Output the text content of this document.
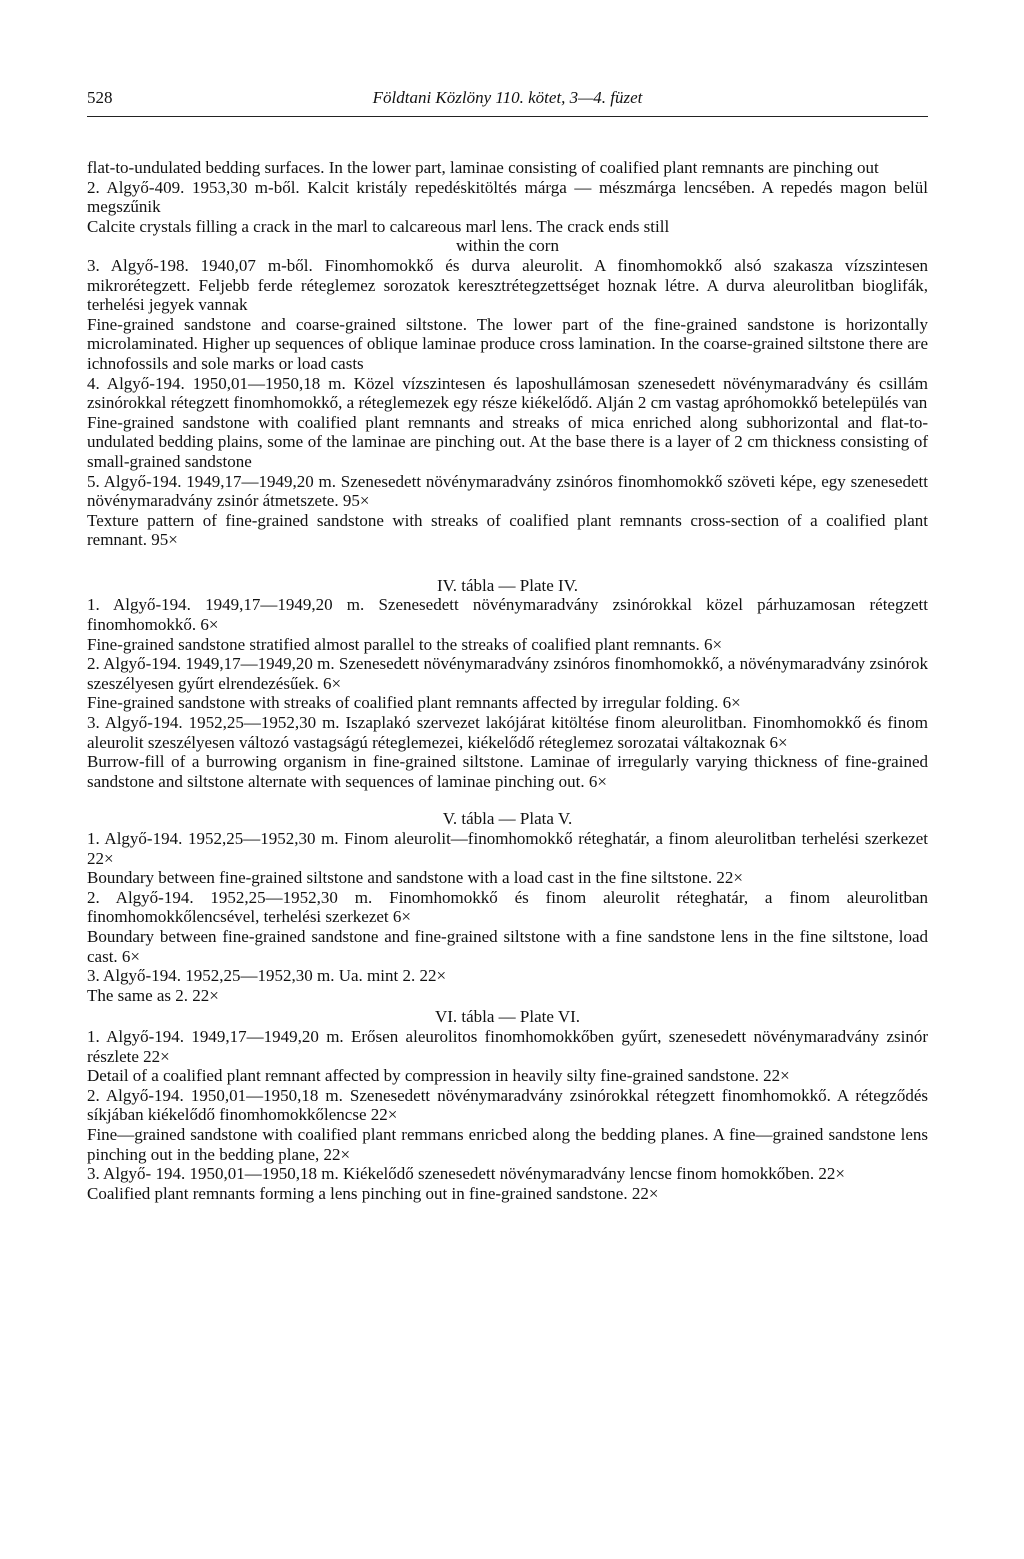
528	Földtani Közlöny 110. kötet, 3—4. füzet

flat-to-undulated bedding surfaces. In the lower part, laminae consisting of coalified plant remnants are pinching out

2. Algyő-409. 1953,30 m-ből. Kalcit kristály repedéskitöltés márga — mészmárga lencsében. A repedés magon belül megszűnik

Calcite crystals filling a crack in the marl to calcareous marl lens. The crack ends still

within the corn

3. Algyő-198. 1940,07 m-ből. Finomhomokkő és durva aleurolit. A finomhomokkő alsó szakasza vízszintesen mikrorétegzett. Feljebb ferde réteglemez sorozatok keresztrétegzettséget hoznak létre. A durva aleurolitban bioglifák, terhelési jegyek vannak

Fine-grained sandstone and coarse-grained siltstone. The lower part of the fine-grained sandstone is horizontally microlaminated. Higher up sequences of oblique laminae produce cross lamination. In the coarse-grained siltstone there are ichnofossils and sole marks or load casts

4. Algyő-194. 1950,01—1950,18 m. Közel vízszintesen és laposhullámosan szenesedett növénymaradvány és csillám zsinórokkal rétegzett finomhomokkő, a réteglemezek egy része kiékelődő. Alján 2 cm vastag apróhomokkő betelepülés van

Fine-grained sandstone with coalified plant remnants and streaks of mica enriched along subhorizontal and flat-to-undulated bedding plains, some of the laminae are pinching out. At the base there is a layer of 2 cm thickness consisting of small-grained sandstone

5. Algyő-194. 1949,17—1949,20 m. Szenesedett növénymaradvány zsinóros finomhomokkő szöveti képe, egy szenesedett növénymaradvány zsinór átmetszete. 95×

Texture pattern of fine-grained sandstone with streaks of coalified plant remnants cross-section of a coalified plant remnant. 95×

IV. tábla — Plate IV.

1. Algyő-194. 1949,17—1949,20 m. Szenesedett növénymaradvány zsinórokkal közel párhuzamosan rétegzett finomhomokkő. 6×

Fine-grained sandstone stratified almost parallel to the streaks of coalified plant remnants. 6×

2. Algyő-194. 1949,17—1949,20 m. Szenesedett növénymaradvány zsinóros finomhomokkő, a növénymaradvány zsinórok szeszélyesen gyűrt elrendezésűek. 6×

Fine-grained sandstone with streaks of coalified plant remnants affected by irregular folding. 6×

3. Algyő-194. 1952,25—1952,30 m. Iszaplakó szervezet lakójárat kitöltése finom aleurolitban. Finomhomokkő és finom aleurolit szeszélyesen változó vastagságú réteglemezei, kiékelődő réteglemez sorozatai váltakoznak 6×

Burrow-fill of a burrowing organism in fine-grained siltstone. Laminae of irregularly varying thickness of fine-grained sandstone and siltstone alternate with sequences of laminae pinching out. 6×

V. tábla — Plata V.

1. Algyő-194. 1952,25—1952,30 m. Finom aleurolit—finomhomokkő réteghatár, a finom aleurolitban terhelési szerkezet 22×

Boundary between fine-grained siltstone and sandstone with a load cast in the fine siltstone. 22×

2. Algyő-194. 1952,25—1952,30 m. Finomhomokkő és finom aleurolit réteghatár, a finom aleurolitban finomhomokkőlencsével, terhelési szerkezet 6×

Boundary between fine-grained sandstone and fine-grained siltstone with a fine sandstone lens in the fine siltstone, load cast. 6×

3. Algyő-194. 1952,25—1952,30 m. Ua. mint 2. 22×

The same as 2. 22×

VI. tábla — Plate VI.

1. Algyő-194. 1949,17—1949,20 m. Erősen aleurolitos finomhomokkőben gyűrt, szenesedett növénymaradvány zsinór részlete 22×

Detail of a coalified plant remnant affected by compression in heavily silty fine-grained sandstone. 22×

2. Algyő-194. 1950,01—1950,18 m. Szenesedett növénymaradvány zsinórokkal rétegzett finomhomokkő. A rétegződés síkjában kiékelődő finomhomokkőlencse 22×

Fine—grained sandstone with coalified plant remmans enricbed along the bedding planes. A fine—grained sandstone lens pinching out in the bedding plane, 22×

3. Algyő- 194. 1950,01—1950,18 m. Kiékelődő szenesedett növénymaradvány lencse finom homokkőben. 22×

Coalified plant remnants forming a lens pinching out in fine-grained sandstone. 22×
